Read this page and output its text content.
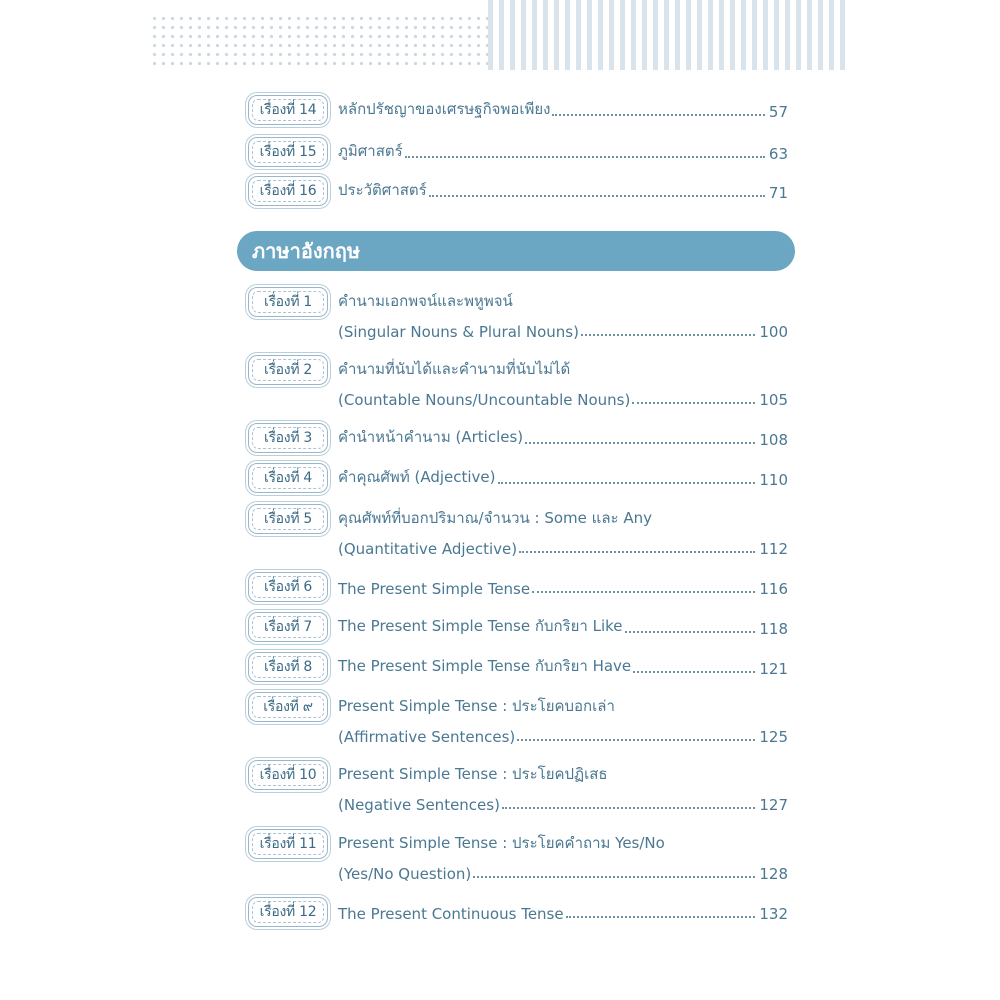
เรื่องที่ 14	หลักปรัชญาของเศรษฐกิจพอเพียง	57
เรื่องที่ 15	ภูมิศาสตร์	63
เรื่องที่ 16	ประวัติศาสตร์	71
ภาษาอังกฤษ
เรื่องที่ 1	คำนามเอกพจน์และพหูพจน์
(Singular Nouns & Plural Nouns)	100
เรื่องที่ 2	คำนามที่นับได้และคำนามที่นับไม่ได้
(Countable Nouns/Uncountable Nouns)	105
เรื่องที่ 3	คำนำหน้าคำนาม (Articles)	108
เรื่องที่ 4	คำคุณศัพท์ (Adjective)	110
เรื่องที่ 5	คุณศัพท์ที่บอกปริมาณ/จำนวน : Some และ Any
(Quantitative Adjective)	112
เรื่องที่ 6	The Present Simple Tense	116
เรื่องที่ 7	The Present Simple Tense กับกริยา Like	118
เรื่องที่ 8	The Present Simple Tense กับกริยา Have	121
เรื่องที่ ๙	Present Simple Tense : ประโยคบอกเล่า
(Affirmative Sentences)	125
เรื่องที่ 10	Present Simple Tense : ประโยคปฏิเสธ
(Negative Sentences)	127
เรื่องที่ 11	Present Simple Tense : ประโยคคำถาม Yes/No
(Yes/No Question)	128
เรื่องที่ 12	The Present Continuous Tense	132
